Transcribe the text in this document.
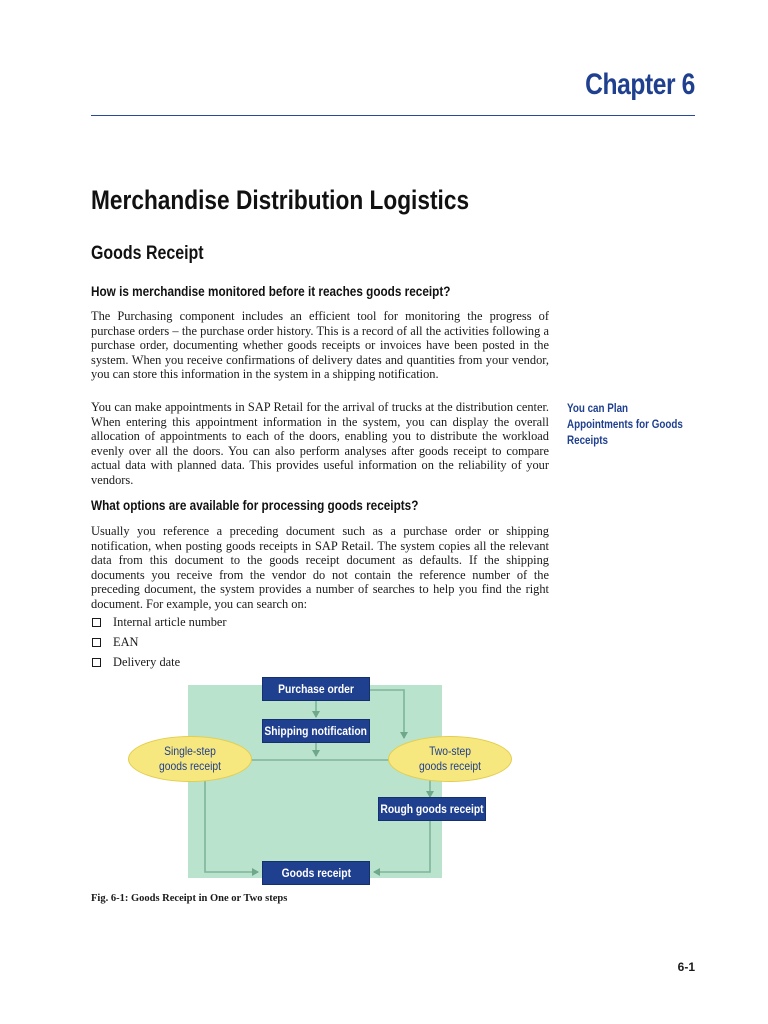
Chapter 6
Merchandise Distribution Logistics
Goods Receipt
How is merchandise monitored before it reaches goods receipt?

The Purchasing component includes an efficient tool for monitoring the progress of purchase orders – the purchase order history. This is a record of all the activities following a purchase order, documenting whether goods receipts or invoices have been posted in the system. When you receive confirmations of delivery dates and quantities from your vendor, you can store this information in the system in a shipping notification.

You can make appointments in SAP Retail for the arrival of trucks at the distribution center. When entering this appointment information in the system, you can display the overall allocation of appointments to each of the doors, enabling you to distribute the workload evenly over all the doors. You can also perform analyses after goods receipt to compare actual data with planned data. This provides useful information on the reliability of your vendors.

You can Plan Appointments for Goods Receipts
What options are available for processing goods receipts?

Usually you reference a preceding document such as a purchase order or shipping notification, when posting goods receipts in SAP Retail. The system copies all the relevant data from this document to the goods receipt document as defaults. If the shipping documents you receive from the vendor do not contain the reference number of the preceding document, the system provides a number of searches to help you find the right document. For example, you can search on:

Internal article number
EAN
Delivery date
Purchase order
Shipping notification
Single-step goods receipt
Two-step goods receipt
Rough goods receipt
Goods receipt
Fig. 6-1: Goods Receipt in One or Two steps
6-1
